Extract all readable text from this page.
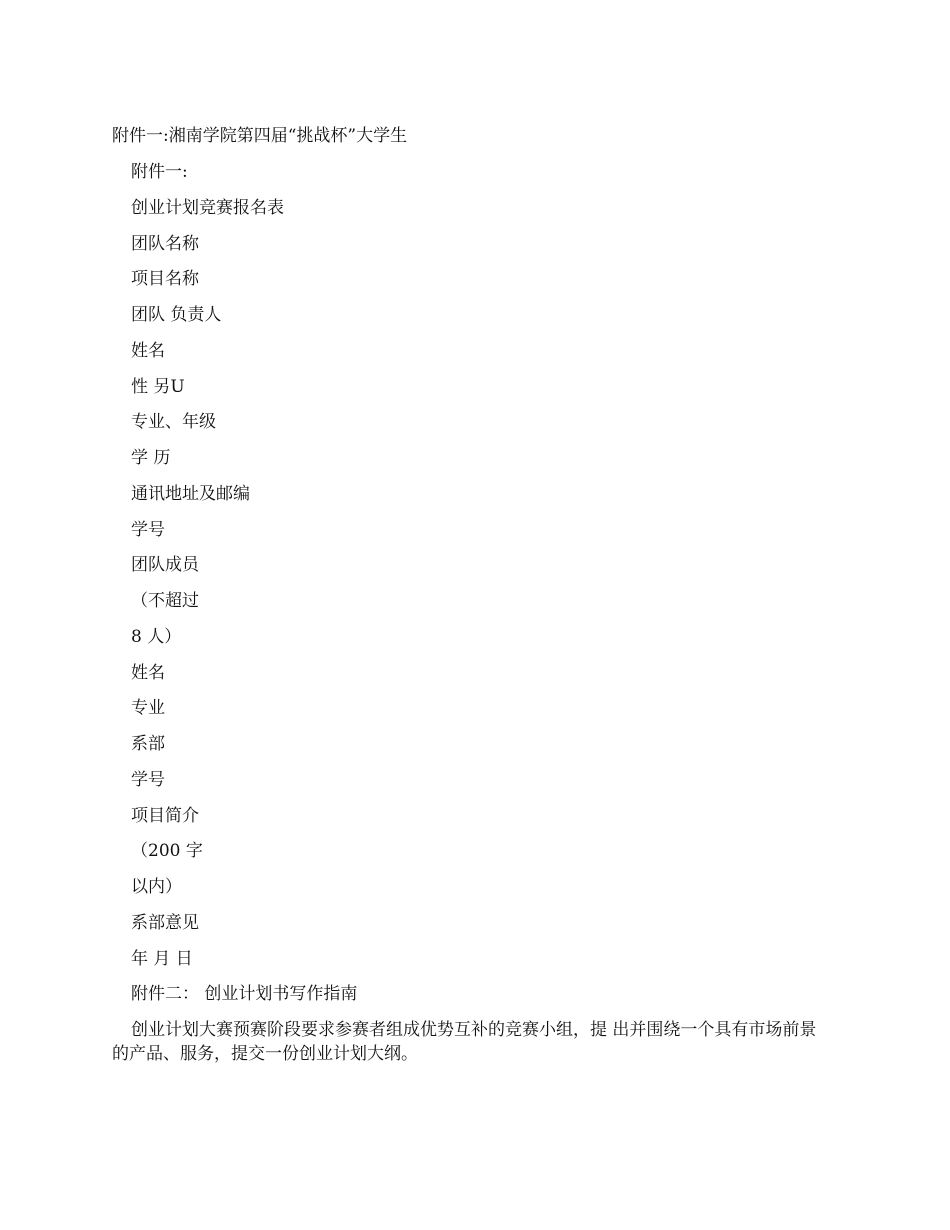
附件一:湘南学院第四届“挑战杯”大学生
附件一:
创业计划竞赛报名表
团队名称
项目名称
团队 负责人
姓名
性 另U
专业、年级
学 历
通讯地址及邮编
学号
团队成员
（不超过
8 人）
姓名
专业
系部
学号
项目简介
（200 字
以内）
系部意见
年 月 日
附件二： 创业计划书写作指南

创业计划大赛预赛阶段要求参赛者组成优势互补的竞赛小组，提 出并围绕一个具有市场前景的产品、服务，提交一份创业计划大纲。
